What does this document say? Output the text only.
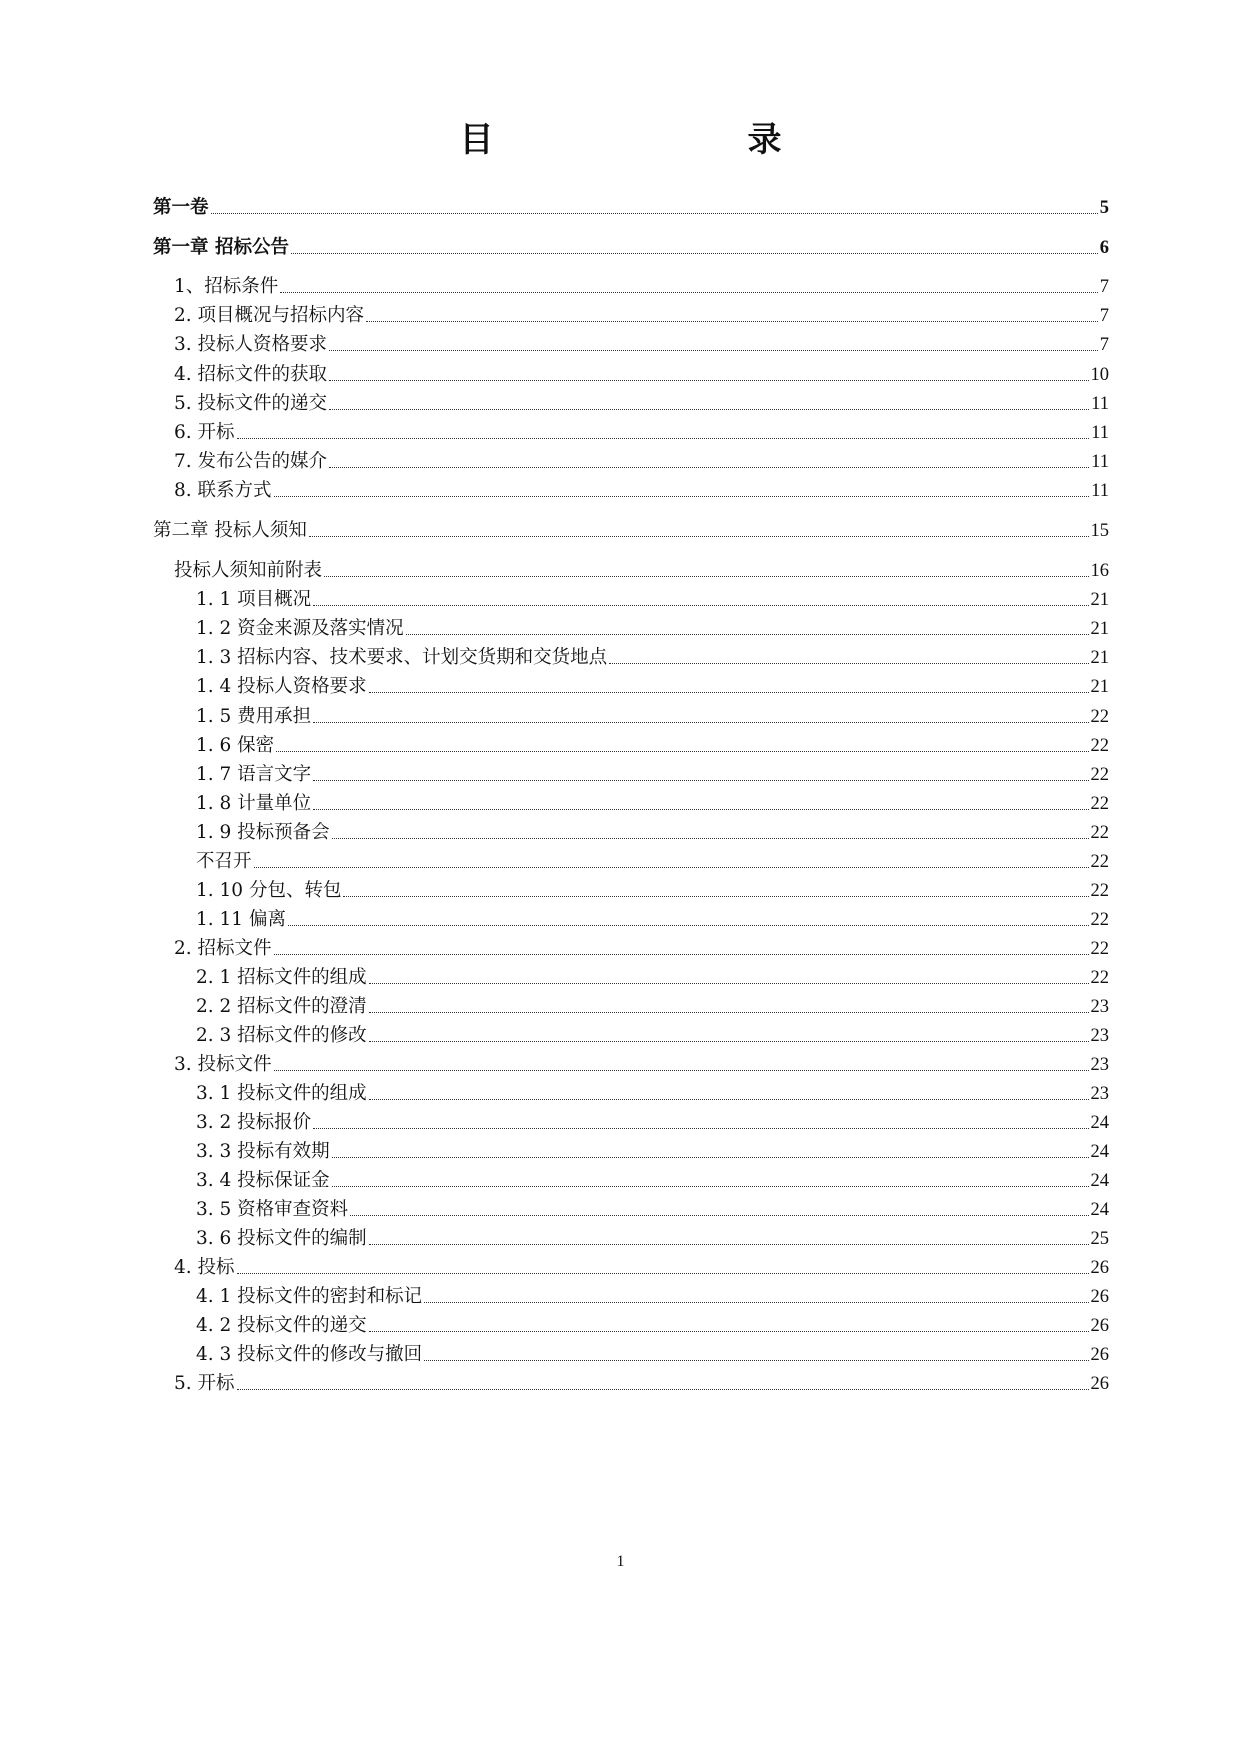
目　　录
第一卷	5
第一章 招标公告	6
1、招标条件	7
2. 项目概况与招标内容	7
3. 投标人资格要求	7
4. 招标文件的获取	10
5. 投标文件的递交	11
6. 开标	11
7. 发布公告的媒介	11
8. 联系方式	11
第二章 投标人须知	15
投标人须知前附表	16
1. 1 项目概况	21
1. 2 资金来源及落实情况	21
1. 3 招标内容、技术要求、计划交货期和交货地点	21
1. 4 投标人资格要求	21
1. 5 费用承担	22
1. 6 保密	22
1. 7 语言文字	22
1. 8 计量单位	22
1. 9 投标预备会	22
不召开	22
1. 10 分包、转包	22
1. 11 偏离	22
2. 招标文件	22
2. 1 招标文件的组成	22
2. 2 招标文件的澄清	23
2. 3 招标文件的修改	23
3. 投标文件	23
3. 1 投标文件的组成	23
3. 2 投标报价	24
3. 3 投标有效期	24
3. 4 投标保证金	24
3. 5 资格审查资料	24
3. 6 投标文件的编制	25
4. 投标	26
4. 1 投标文件的密封和标记	26
4. 2 投标文件的递交	26
4. 3 投标文件的修改与撤回	26
5. 开标	26
1
